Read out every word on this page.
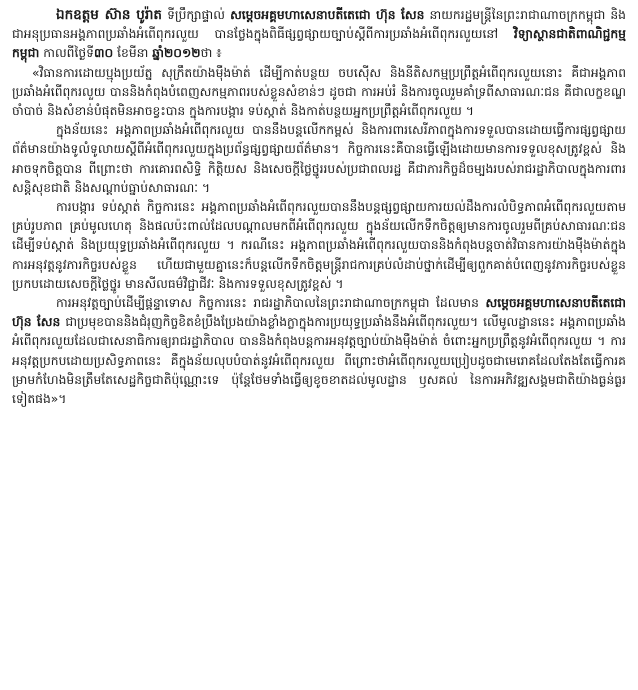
ឯកឧត្តម ស៊ាន បូរ៉ាត ទីប្រឹក្សាផ្ទាល់ សម្តេចអគ្គមហាសេនាបតីតេជោ ហ៊ុន សែន នាយករដ្ឋមន្ត្រីនៃព្រះរាជាណាចក្រកម្ពុជា និងជាអនុប្រធានអង្គភាពប្រឆាំងអំពើពុករលួយ បានថ្លែងក្នុងពិធីផ្សព្វផ្សាយច្បាប់ស្តីពីការប្រឆាំងអំពើពុករលួយនៅ វិទ្យាស្ថានជាតិពាណិជ្ជកម្មកម្ពុជា កាលពីថ្ងៃទី៣០ ខែមីនា ឆ្នាំ២០១២ថា ៖

«វិធានការដោយប្មុងប្រយ័ត្ន សុក្រឹតយ៉ាងម៉ឺងម៉ាត់ ដើម្បីកាត់បន្ថយ ចបស៊ើស និងនីតិសកម្មប្រព្រឹត្តអំពើពុករលួយនោះ គឺជាអង្គភាពប្រឆាំងអំពើពុករលួយ បាននិងកំពុងបំពេញសកម្មភាពរបស់ខ្លួនសំខាន់ៗ ដូចជា ការអប់រំ និងការចូលរួមគាំទ្រពីសាធារណៈជន គឺជាលក្ខខណ្ឌចាំបាច់ និងសំខាន់បំផុតមិនអាចខ្វះបាន ក្នុងការបង្ការ ទប់ស្កាត់ និងកាត់បន្ថយអ្នកប្រព្រឹត្តអំពើពុករលួយ ។

ក្នុងន័យនេះ អង្គភាពប្រឆាំងអំពើពុករលួយ បាននឹងបន្តលើកកម្ពស់ និងការពារសេរីភាពក្នុងការទទួលបានដោយធ្វើការផ្សព្វផ្សាយព័ត៌មានយ៉ាងទូលំទូលាយស្តីពីអំពើពុករលួយក្នុងប្រព័ន្ធផ្សព្វផ្សាយព័ត៌មាន។ កិច្ចការនេះគឺបានធ្វើឡើងដោយមានការទទួលខុសត្រូវខ្ពស់ និងអាចទុកចិត្តបាន ពីព្រោះថា ការគោរពសិទ្ធិ កិត្តិយស និងសេចក្តីថ្លៃថ្នូររបស់ប្រជាពលរដ្ឋ គឺជាភារកិច្ចដ៏ចម្បងរបស់រាជរដ្ឋាភិបាលក្នុងការពារសន្តិសុខជាតិ និងសណ្តាប់ធ្នាប់សាធារណៈ ។

ការបង្ការ ទប់ស្កាត់ កិច្ចការនេះ អង្គភាពប្រឆាំងអំពើពុករលួយបាននឹងបន្តផ្សព្វផ្សាយការយល់ដឹងការលំបិទ្ធភាពអំពើពុករលួយតាមគ្រប់រូបភាព គ្រប់មូលហេតុ និងផលប៉ះពាល់ដែលបណ្តាលមកពីអំពើពុករលួយ ក្នុងន័យលើកទឹកចិត្តឲ្យមានការចូលរួមពីគ្រប់សាធារណៈជនដើម្បីទប់ស្កាត់ និងប្រយុទ្ធប្រឆាំងអំពើពុករលួយ ។ ករណីនេះ អង្គភាពប្រឆាំងអំពើពុករលួយបាននិងកំពុងបន្តចាត់វិធានការយ៉ាងម៉ឺងម៉ាត់ក្នុងការអនុវត្តនូវភារកិច្ចរបស់ខ្លួន ហើយជាមួយគ្នានេះក៏បន្តលើកទឹកចិត្តមន្ត្រីរាជការគ្រប់លំដាប់ថ្នាក់ដើម្បីឲ្យពួកគាត់បំពេញនូវភារកិច្ចរបស់ខ្លួនប្រកបដោយសេចក្តីថ្លៃថ្នូរ មានសីលធម៌វិជ្ជាជីវៈ និងការទទួលខុសត្រូវខ្ពស់ ។

ការអនុវត្តច្បាប់ដើម្បីផ្តន្ទាទោស កិច្ចការនេះ រាជរដ្ឋាភិបាលនៃព្រះរាជាណាចក្រកម្ពុជា ដែលមាន សម្តេចអគ្គមហាសេនាបតីតេជោ ហ៊ុន សែន ជាប្រមុខបាននិងជំរុញកិច្ចខិតខំប្រឹងប្រែងយ៉ាងខ្លាំងក្លាក្នុងការប្រយុទ្ធប្រឆាំងនឹងអំពើពុករលួយ។ លើមូលដ្ឋាននេះ អង្គភាពប្រឆាំងអំពើពុករលួយដែលជាសេនាធិការឲ្យរាជរដ្ឋាភិបាល បាននិងកំពុងបន្តការអនុវត្តច្បាប់យ៉ាងម៉ឺងម៉ាត់ ចំពោះអ្នកប្រព្រឹត្តនូវអំពើពុករលួយ ។ ការអនុវត្តប្រកបដោយប្រសិទ្ធភាពនេះ គឺក្នុងន័យលុបបំបាត់នូវអំពើពុករលួយ ពីព្រោះថាអំពើពុករលួយប្រៀបដូចជាមេរោគដែលតែងតែធ្វើការគម្រាមកំហែងមិនត្រឹមតែសេដ្ឋកិច្ចជាតិប៉ុណ្ណោះទេ ប៉ុន្តែថែមទាំងធ្វើឲ្យខូចខាតដល់មូលដ្ឋាន ឫសគល់ នៃការអភិវឌ្ឍសង្គមជាតិយ៉ាងធ្ងន់ធ្ងរទៀតផង»។
